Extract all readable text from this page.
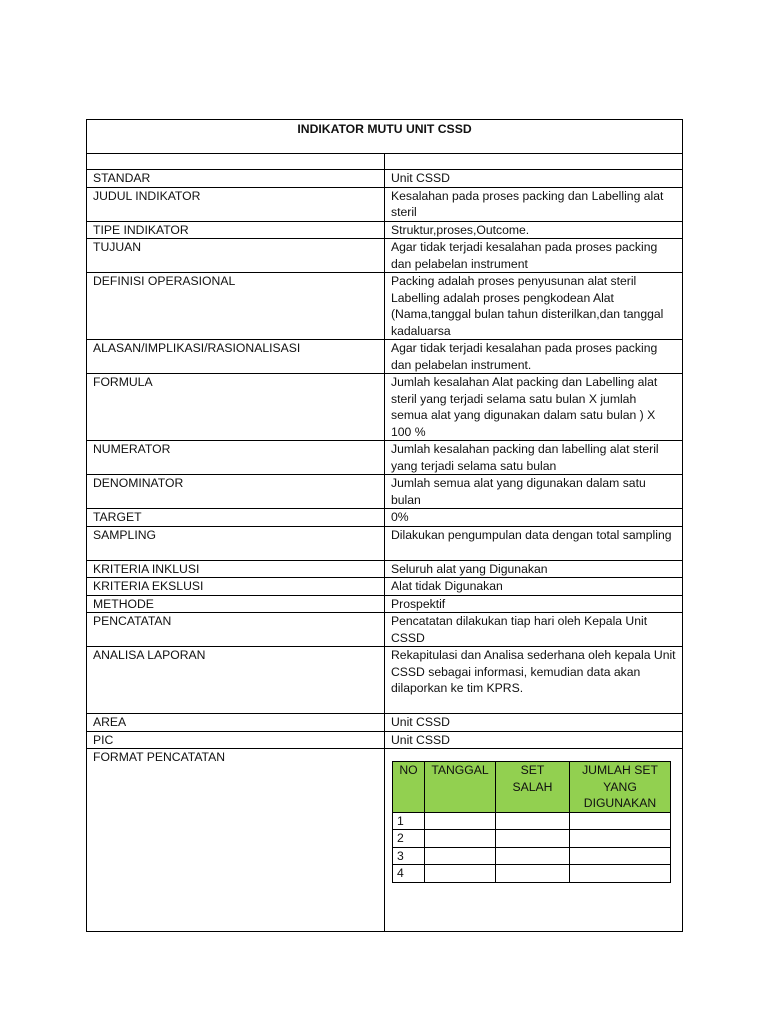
INDIKATOR MUTU UNIT CSSD

STANDAR	Unit CSSD
JUDUL INDIKATOR	Kesalahan pada proses packing dan Labelling alat steril
TIPE INDIKATOR	Struktur,proses,Outcome.
TUJUAN	Agar tidak terjadi kesalahan pada proses packing dan pelabelan instrument
DEFINISI OPERASIONAL	Packing adalah proses penyusunan alat steril Labelling adalah proses pengkodean Alat (Nama,tanggal bulan tahun disterilkan,dan tanggal kadaluarsa
ALASAN/IMPLIKASI/RASIONALISASI	Agar tidak terjadi kesalahan pada proses packing dan pelabelan instrument.
FORMULA	Jumlah kesalahan Alat packing dan Labelling alat steril yang terjadi selama satu bulan X jumlah semua alat yang digunakan dalam satu bulan ) X 100 %
NUMERATOR	Jumlah kesalahan packing dan labelling alat steril yang terjadi selama satu bulan
DENOMINATOR	Jumlah semua alat yang digunakan dalam satu bulan
TARGET	0%
SAMPLING	Dilakukan pengumpulan data dengan total sampling
KRITERIA INKLUSI	Seluruh alat yang Digunakan
KRITERIA EKSLUSI	Alat tidak Digunakan
METHODE	Prospektif
PENCATATAN	Pencatatan dilakukan tiap hari oleh Kepala Unit CSSD
ANALISA LAPORAN	Rekapitulasi dan Analisa sederhana oleh kepala Unit CSSD sebagai informasi, kemudian data akan dilaporkan ke tim KPRS.
AREA	Unit CSSD
PIC	Unit CSSD
FORMAT PENCATATAN	
NO	TANGGAL	SET SALAH	JUMLAH SET YANG DIGUNAKAN
1			
2			
3			
4			
